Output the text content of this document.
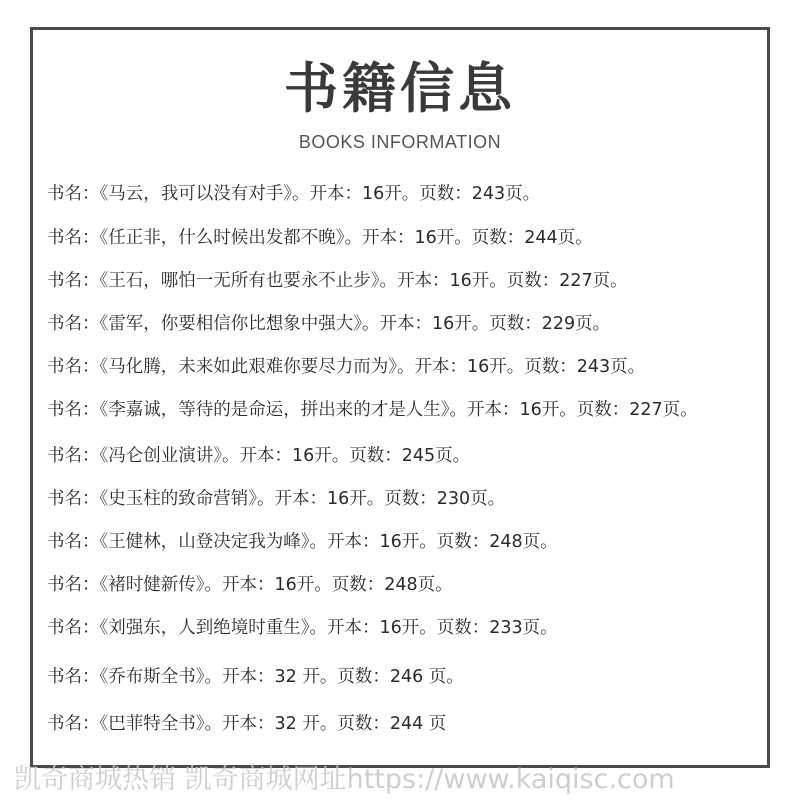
书籍信息
BOOKS INFORMATION
书名：《马云，我可以没有对手》。开本：16开。页数：243页。
书名：《任正非，什么时候出发都不晚》。开本：16开。页数：244页。
书名：《王石，哪怕一无所有也要永不止步》。开本：16开。页数：227页。
书名：《雷军，你要相信你比想象中强大》。开本：16开。页数：229页。
书名：《马化腾，未来如此艰难你要尽力而为》。开本：16开。页数：243页。
书名：《李嘉诚，等待的是命运，拼出来的才是人生》。开本：16开。页数：227页。
书名：《冯仑创业演讲》。开本：16开。页数：245页。
书名：《史玉柱的致命营销》。开本：16开。页数：230页。
书名：《王健林，山登决定我为峰》。开本：16开。页数：248页。
书名：《褚时健新传》。开本：16开。页数：248页。
书名：《刘强东，人到绝境时重生》。开本：16开。页数：233页。
书名：《乔布斯全书》。开本：32 开。页数：246 页。
书名：《巴菲特全书》。开本：32 开。页数：244 页
凯奇商城热销 凯奇商城网址https://www.kaiqisc.com
